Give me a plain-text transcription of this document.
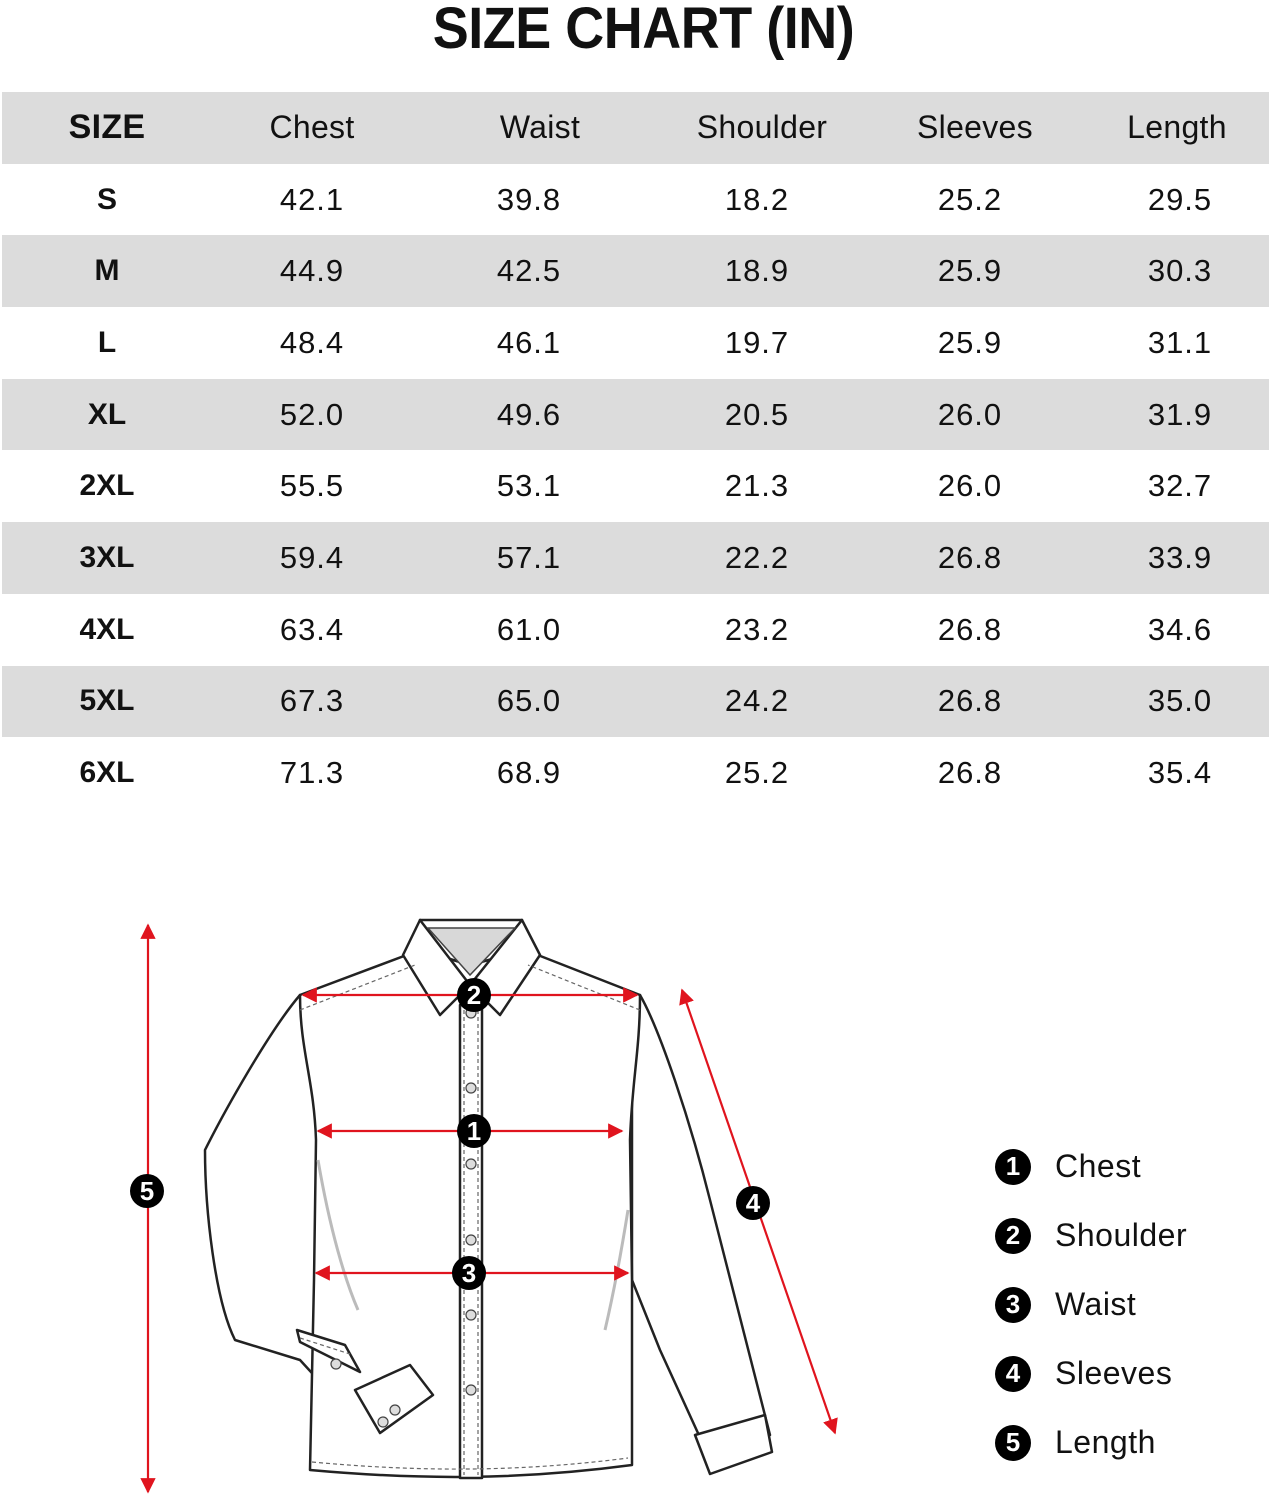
SIZE CHART (IN)
SIZE	Chest	Waist	Shoulder	Sleeves	Length
S	42.1	39.8	18.2	25.2	29.5
M	44.9	42.5	18.9	25.9	30.3
L	48.4	46.1	19.7	25.9	31.1
XL	52.0	49.6	20.5	26.0	31.9
2XL	55.5	53.1	21.3	26.0	32.7
3XL	59.4	57.1	22.2	26.8	33.9
4XL	63.4	61.0	23.2	26.8	34.6
5XL	67.3	65.0	24.2	26.8	35.0
6XL	71.3	68.9	25.2	26.8	35.4
1
2
3
4
5
1	Chest
2	Shoulder
3	Waist
4	Sleeves
5	Length
